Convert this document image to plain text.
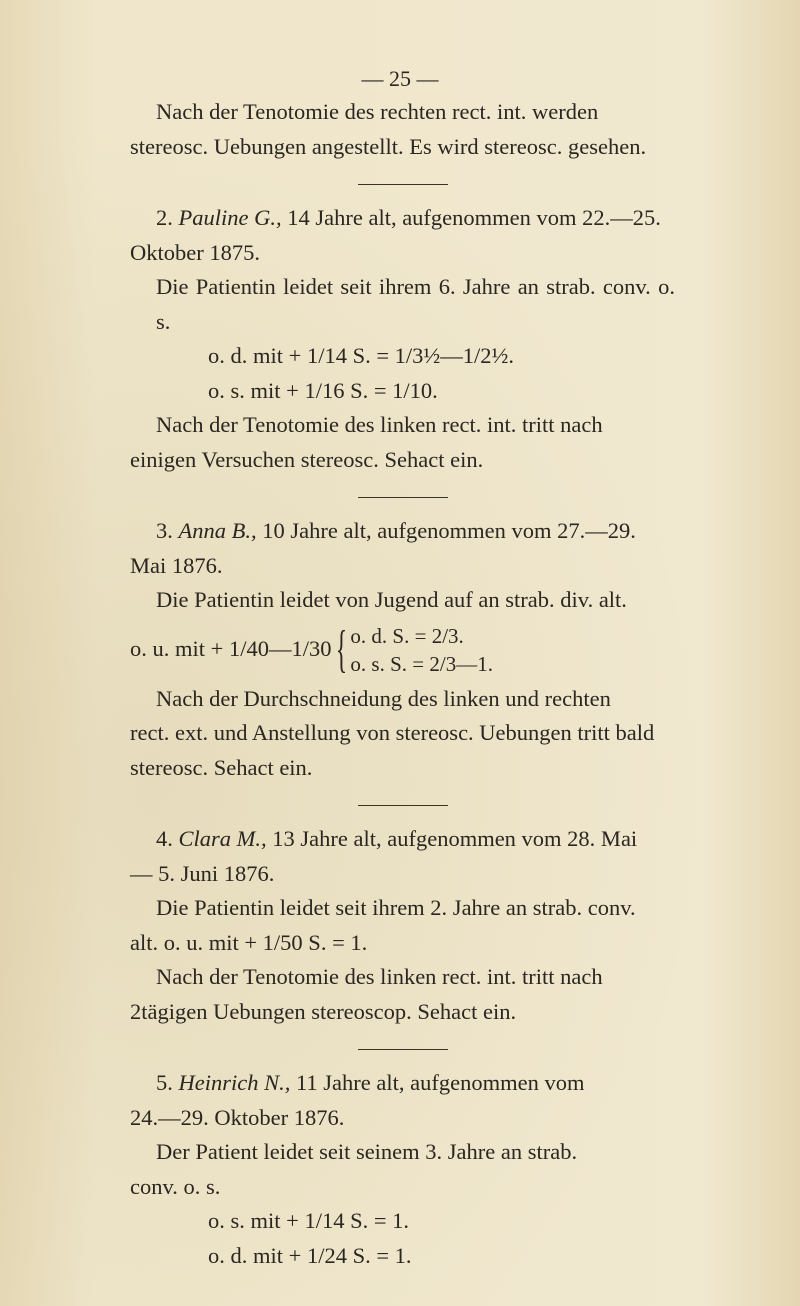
— 25 —

Nach der Tenotomie des rechten rect. int. werden

stereosc. Uebungen angestellt. Es wird stereosc. gesehen.

2. Pauline G., 14 Jahre alt, aufgenommen vom 22.—25.

Oktober 1875.

Die Patientin leidet seit ihrem 6. Jahre an strab. conv. o. s.

o. d. mit + 1/14 S. = 1/3½—1/2½.

o. s. mit + 1/16 S. = 1/10.

Nach der Tenotomie des linken rect. int. tritt nach

einigen Versuchen stereosc. Sehact ein.

3. Anna B., 10 Jahre alt, aufgenommen vom 27.—29.

Mai 1876.

Die Patientin leidet von Jugend auf an strab. div. alt.

o. u. mit + 1/40—1/30 { o. d. S. = 2/3.
o. s. S. = 2/3—1.

Nach der Durchschneidung des linken und rechten

rect. ext. und Anstellung von stereosc. Uebungen tritt bald

stereosc. Sehact ein.

4. Clara M., 13 Jahre alt, aufgenommen vom 28. Mai

— 5. Juni 1876.

Die Patientin leidet seit ihrem 2. Jahre an strab. conv.

alt. o. u. mit + 1/50 S. = 1.

Nach der Tenotomie des linken rect. int. tritt nach

2tägigen Uebungen stereoscop. Sehact ein.

5. Heinrich N., 11 Jahre alt, aufgenommen vom

24.—29. Oktober 1876.

Der Patient leidet seit seinem 3. Jahre an strab.

conv. o. s.

o. s. mit + 1/14 S. = 1.

o. d. mit + 1/24 S. = 1.
